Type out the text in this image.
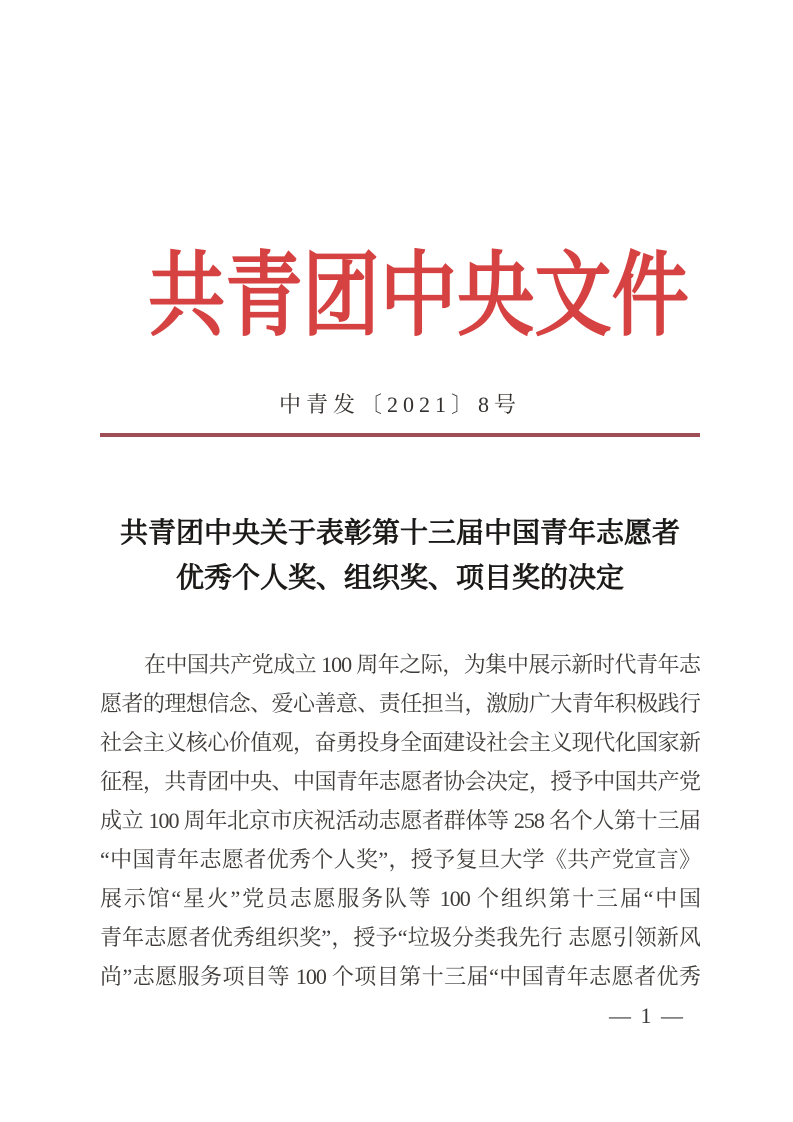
共青团中央文件
中青发〔2021〕8号
共青团中央关于表彰第十三届中国青年志愿者
优秀个人奖、组织奖、项目奖的决定
在中国共产党成立 100 周年之际，为集中展示新时代青年志
愿者的理想信念、爱心善意、责任担当，激励广大青年积极践行
社会主义核心价值观，奋勇投身全面建设社会主义现代化国家新
征程，共青团中央、中国青年志愿者协会决定，授予中国共产党
成立 100 周年北京市庆祝活动志愿者群体等 258 名个人第十三届
“中国青年志愿者优秀个人奖”，授予复旦大学《共产党宣言》
展示馆“星火”党员志愿服务队等 100 个组织第十三届“中国
青年志愿者优秀组织奖”，授予“垃圾分类我先行 志愿引领新风
尚”志愿服务项目等 100 个项目第十三届“中国青年志愿者优秀
— 1 —
